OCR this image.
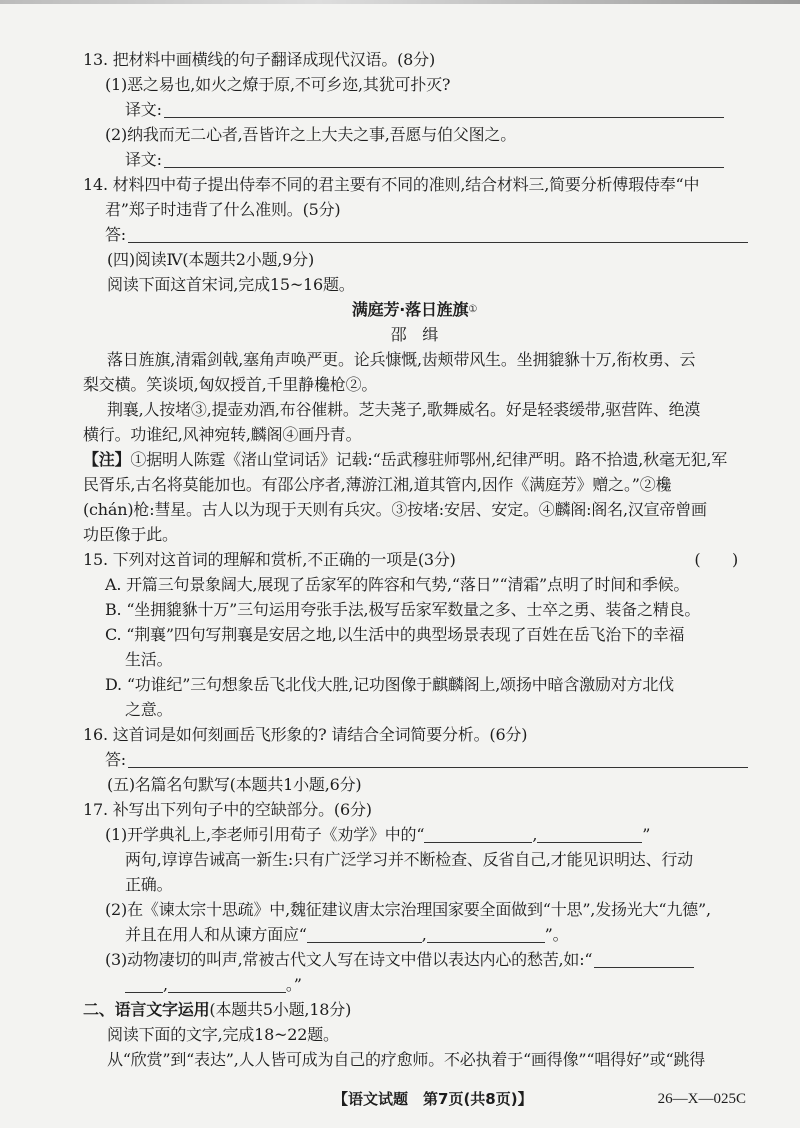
13. 把材料中画横线的句子翻译成现代汉语。(8分)
(1)恶之易也,如火之燎于原,不可乡迩,其犹可扑灭?
译文:
(2)纳我而无二心者,吾皆许之上大夫之事,吾愿与伯父图之。
译文:
14. 材料四中荀子提出侍奉不同的君主要有不同的准则,结合材料三,简要分析傅瑕侍奉“中
君”郑子时违背了什么准则。(5分)
答:
(四)阅读Ⅳ(本题共2小题,9分)
阅读下面这首宋词,完成15~16题。
满庭芳·落日旌旗 ①
邵　缉
落日旌旗,清霜剑戟,塞角声唤严更。论兵慷慨,齿颊带风生。坐拥貔貅十万,衔枚勇、云
梨交横。笑谈顷,匈奴授首,千里静欃枪②。
荆襄,人按堵③,提壶劝酒,布谷催耕。芝夫荛子,歌舞威名。好是轻裘缓带,驱营阵、绝漠
横行。功谁纪,风神宛转,麟阁④画丹青。
【注】 ①据明人陈霆《渚山堂词话》记载:“岳武穆驻师鄂州,纪律严明。路不拾遗,秋毫无犯,军
民胥乐,古名将莫能加也。有邵公序者,薄游江湘,道其管内,因作《满庭芳》赠之。”②欃
(chán)枪:彗星。古人以为现于天则有兵灾。③按堵:安居、安定。④麟阁:阁名,汉宣帝曾画
功臣像于此。
15. 下列对这首词的理解和赏析,不正确的一项是(3分)	(　　)
A. 开篇三句景象阔大,展现了岳家军的阵容和气势,“落日”“清霜”点明了时间和季候。
B. “坐拥貔貅十万”三句运用夸张手法,极写岳家军数量之多、士卒之勇、装备之精良。
C. “荆襄”四句写荆襄是安居之地,以生活中的典型场景表现了百姓在岳飞治下的幸福
生活。
D. “功谁纪”三句想象岳飞北伐大胜,记功图像于麒麟阁上,颂扬中暗含激励对方北伐
之意。
16. 这首词是如何刻画岳飞形象的? 请结合全词简要分析。(6分)
答:
(五)名篇名句默写(本题共1小题,6分)
17. 补写出下列句子中的空缺部分。(6分)
(1)开学典礼上,李老师引用荀子《劝学》中的“	,	”
两句,谆谆告诫高一新生:只有广泛学习并不断检查、反省自己,才能见识明达、行动
正确。
(2)在《谏太宗十思疏》中,魏征建议唐太宗治理国家要全面做到“十思”,发扬光大“九德”,
并且在用人和从谏方面应“	,	”。
(3)动物凄切的叫声,常被古代文人写在诗文中借以表达内心的愁苦,如:“
,	。”
二、语言文字运用 (本题共5小题,18分)
阅读下面的文字,完成18~22题。
从“欣赏”到“表达”,人人皆可成为自己的疗愈师。不必执着于“画得像”“唱得好”或“跳得
【语文试题　第7页(共8页)】	26—X—025C
